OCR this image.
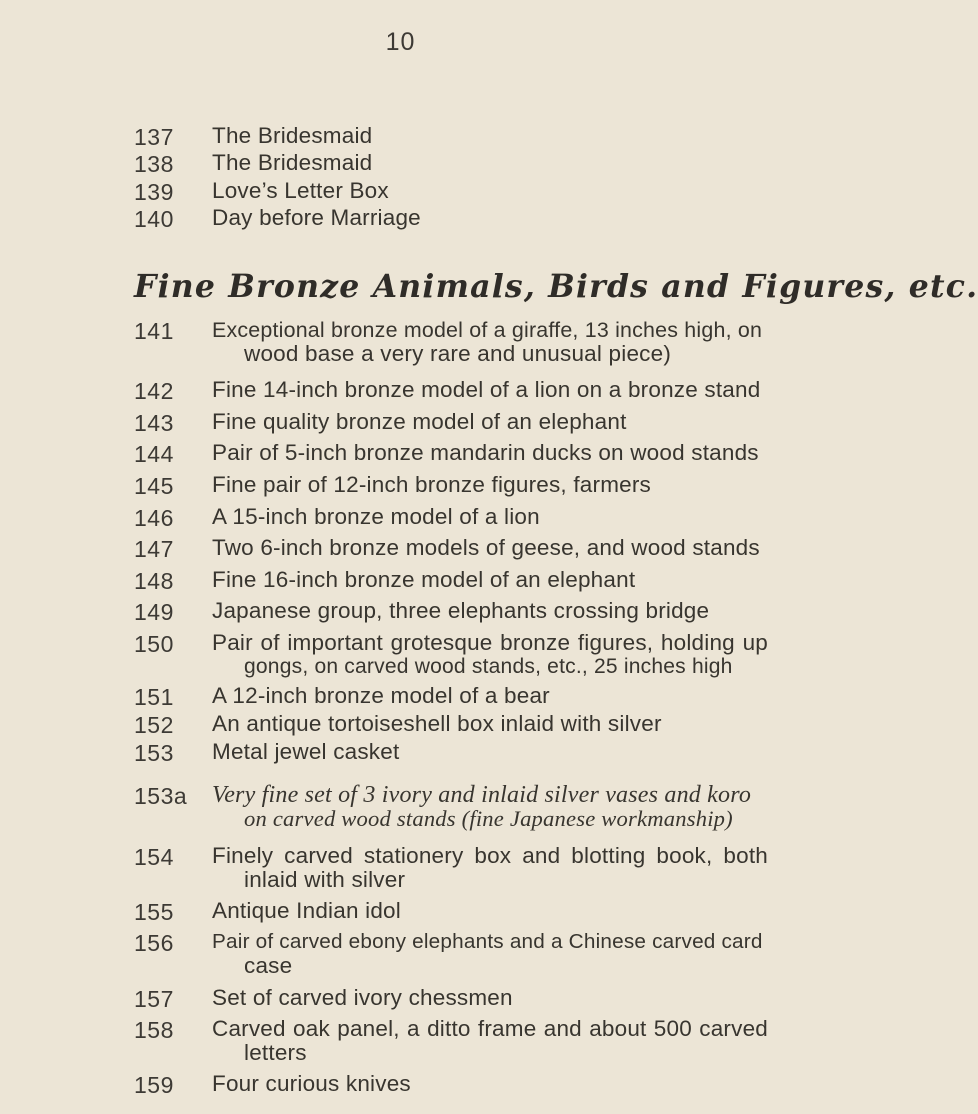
10
137 The Bridesmaid
138 The Bridesmaid
139 Love’s Letter Box
140 Day before Marriage
Fine Bronze Animals, Birds and Figures, etc.
141 Exceptional bronze model of a giraffe, 13 inches high, on
wood base a very rare and unusual piece)
142 Fine 14-inch bronze model of a lion on a bronze stand
143 Fine quality bronze model of an elephant
144 Pair of 5-inch bronze mandarin ducks on wood stands
145 Fine pair of 12-inch bronze figures, farmers
146 A 15-inch bronze model of a lion
147 Two 6-inch bronze models of geese, and wood stands
148 Fine 16-inch bronze model of an elephant
149 Japanese group, three elephants crossing bridge
150 Pair of important grotesque bronze figures, holding up
gongs, on carved wood stands, etc., 25 inches high
151 A 12-inch bronze model of a bear
152 An antique tortoiseshell box inlaid with silver
153 Metal jewel casket
153a Very fine set of 3 ivory and inlaid silver vases and koro
on carved wood stands (fine Japanese workmanship)
154 Finely carved stationery box and blotting book, both
inlaid with silver
155 Antique Indian idol
156 Pair of carved ebony elephants and a Chinese carved card
case
157 Set of carved ivory chessmen
158 Carved oak panel, a ditto frame and about 500 carved
letters
159 Four curious knives
